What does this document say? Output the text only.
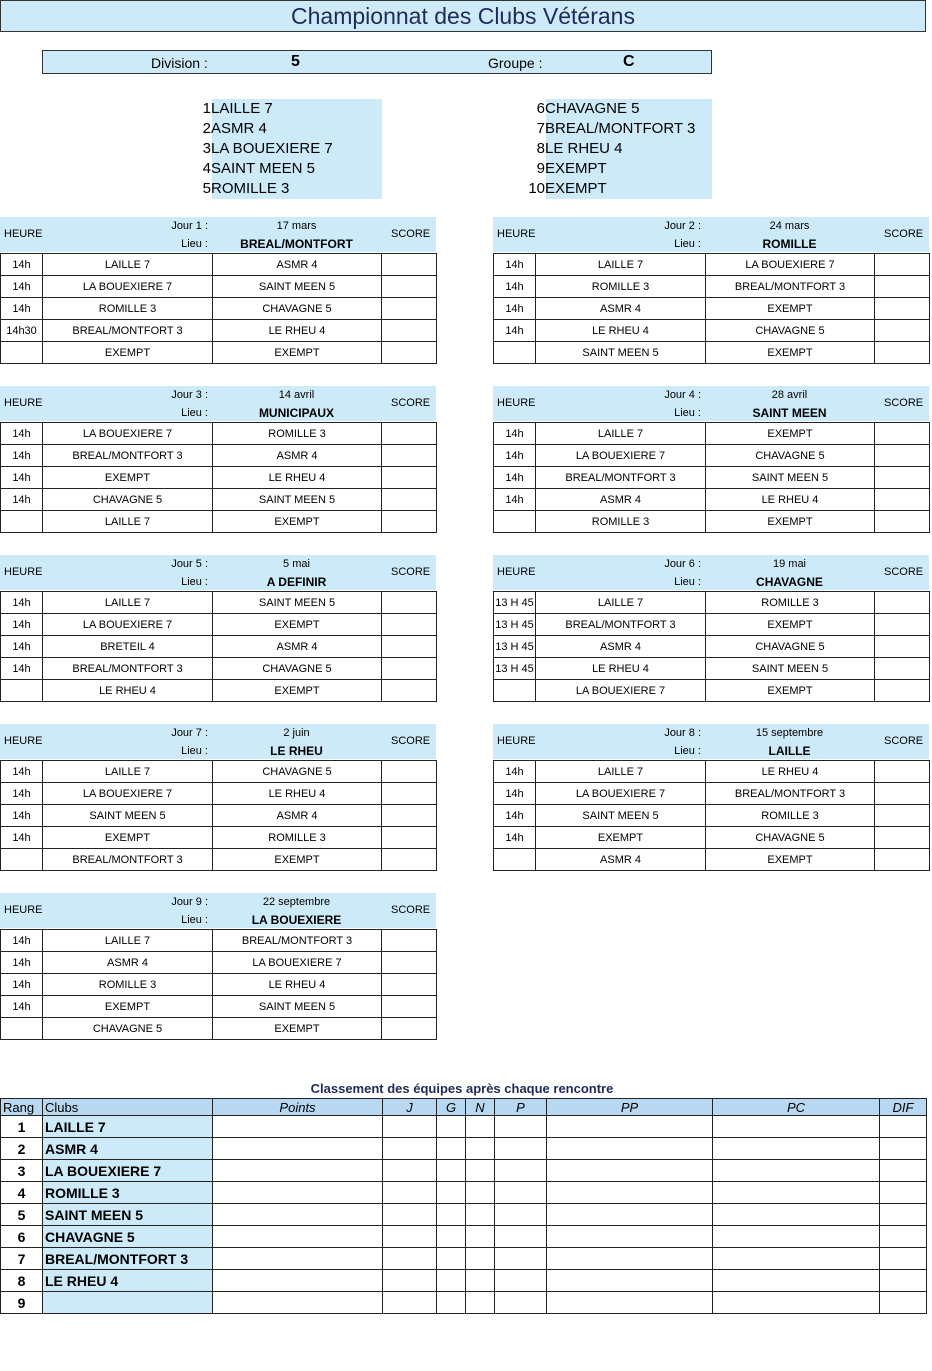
Championnat des Clubs Vétérans
Division :	5	Groupe :	C
1LAILLE 7
2ASMR 4
3LA BOUEXIERE 7
4SAINT MEEN 5
5ROMILLE 3
6CHAVAGNE 5
7BREAL/MONTFORT 3
8LE RHEU 4
9EXEMPT
10EXEMPT
HEURE
Jour 1 :
Lieu :
17 mars
BREAL/MONTFORT
SCORE
14h	LAILLE 7	ASMR 4	
14h	LA BOUEXIERE 7	SAINT MEEN 5	
14h	ROMILLE 3	CHAVAGNE 5	
14h30	BREAL/MONTFORT 3	LE RHEU 4	
	EXEMPT	EXEMPT	
HEURE
Jour 2 :
Lieu :
24 mars
ROMILLE
SCORE
14h	LAILLE 7	LA BOUEXIERE 7	
14h	ROMILLE 3	BREAL/MONTFORT 3	
14h	ASMR 4	EXEMPT	
14h	LE RHEU 4	CHAVAGNE 5	
	SAINT MEEN 5	EXEMPT	
HEURE
Jour 3 :
Lieu :
14 avril
MUNICIPAUX
SCORE
14h	LA BOUEXIERE 7	ROMILLE 3	
14h	BREAL/MONTFORT 3	ASMR 4	
14h	EXEMPT	LE RHEU 4	
14h	CHAVAGNE 5	SAINT MEEN 5	
	LAILLE 7	EXEMPT	
HEURE
Jour 4 :
Lieu :
28 avril
SAINT MEEN
SCORE
14h	LAILLE 7	EXEMPT	
14h	LA BOUEXIERE 7	CHAVAGNE 5	
14h	BREAL/MONTFORT 3	SAINT MEEN 5	
14h	ASMR 4	LE RHEU 4	
	ROMILLE 3	EXEMPT	
HEURE
Jour 5 :
Lieu :
5 mai
A DEFINIR
SCORE
14h	LAILLE 7	SAINT MEEN 5	
14h	LA BOUEXIERE 7	EXEMPT	
14h	BRETEIL 4	ASMR 4	
14h	BREAL/MONTFORT 3	CHAVAGNE 5	
	LE RHEU 4	EXEMPT	
HEURE
Jour 6 :
Lieu :
19 mai
CHAVAGNE
SCORE
13 H 45	LAILLE 7	ROMILLE 3	
13 H 45	BREAL/MONTFORT 3	EXEMPT	
13 H 45	ASMR 4	CHAVAGNE 5	
13 H 45	LE RHEU 4	SAINT MEEN 5	
	LA BOUEXIERE 7	EXEMPT	
HEURE
Jour 7 :
Lieu :
2 juin
LE RHEU
SCORE
14h	LAILLE 7	CHAVAGNE 5	
14h	LA BOUEXIERE 7	LE RHEU 4	
14h	SAINT MEEN 5	ASMR 4	
14h	EXEMPT	ROMILLE 3	
	BREAL/MONTFORT 3	EXEMPT	
HEURE
Jour 8 :
Lieu :
15 septembre
LAILLE
SCORE
14h	LAILLE 7	LE RHEU 4	
14h	LA BOUEXIERE 7	BREAL/MONTFORT 3	
14h	SAINT MEEN 5	ROMILLE 3	
14h	EXEMPT	CHAVAGNE 5	
	ASMR 4	EXEMPT	
HEURE
Jour 9 :
Lieu :
22 septembre
LA BOUEXIERE
SCORE
14h	LAILLE 7	BREAL/MONTFORT 3	
14h	ASMR 4	LA BOUEXIERE 7	
14h	ROMILLE 3	LE RHEU 4	
14h	EXEMPT	SAINT MEEN 5	
	CHAVAGNE 5	EXEMPT	
Classement des équipes après chaque rencontre
Rang	Clubs	Points	J	G	N	P	PP	PC	DIF
1	LAILLE 7								
2	ASMR 4								
3	LA BOUEXIERE 7								
4	ROMILLE 3								
5	SAINT MEEN 5								
6	CHAVAGNE 5								
7	BREAL/MONTFORT 3								
8	LE RHEU 4								
9									
